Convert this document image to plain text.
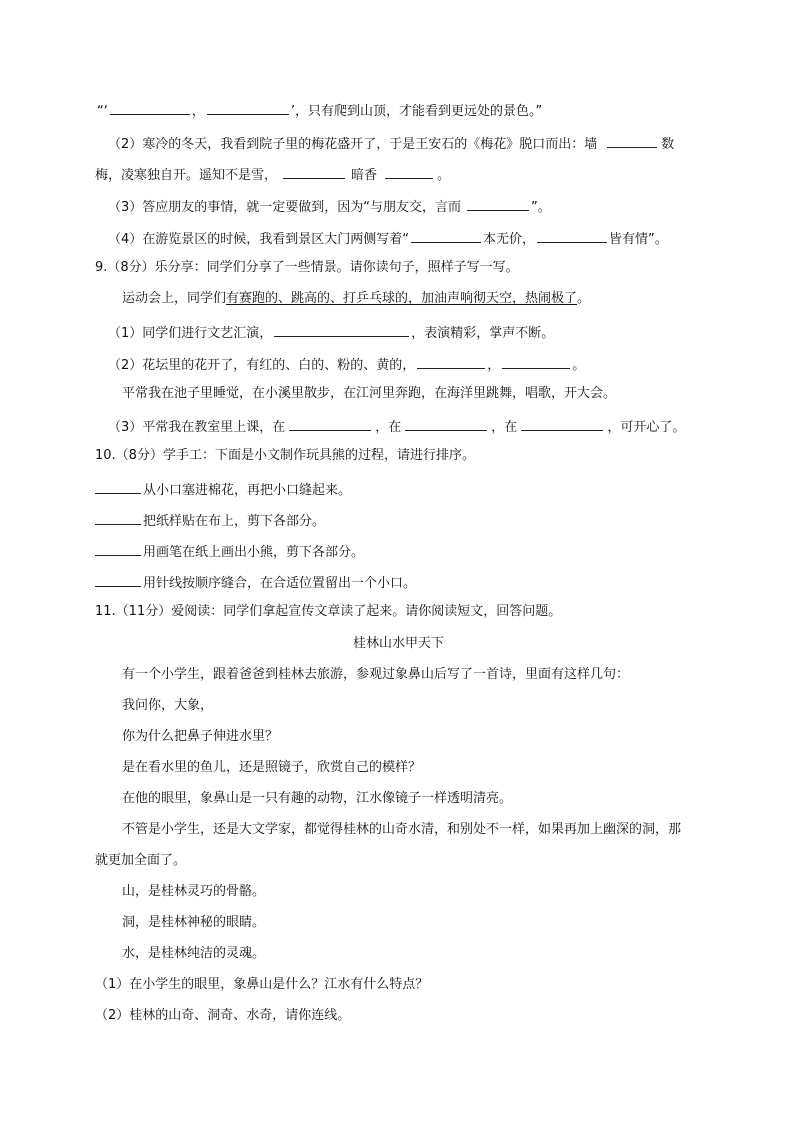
“‘	，	’，只有爬到山顶，才能看到更远处的景色。”
（2）寒冷的冬天，我看到院子里的梅花盛开了，于是王安石的《梅花》脱口而出：墙	数
梅，凌寒独自开。遥知不是雪，	暗香	。
（3）答应朋友的事情，就一定要做到，因为“与朋友交，言而	”。
（4）在游览景区的时候，我看到景区大门两侧写着“	本无价，	皆有情”。
9.（8分）乐分享：同学们分享了一些情景。请你读句子，照样子写一写。
运动会上，同学们有赛跑的、跳高的、打乒乓球的，加油声响彻天空，热闹极了。
（1）同学们进行文艺汇演，	，表演精彩，掌声不断。
（2）花坛里的花开了，有红的、白的、粉的、黄的，	，	。
平常我在池子里睡觉，在小溪里散步，在江河里奔跑，在海洋里跳舞，唱歌，开大会。
（3）平常我在教室里上课，在	，在	，在	，可开心了。
10.（8分）学手工：下面是小文制作玩具熊的过程，请进行排序。
从小口塞进棉花，再把小口缝起来。
把纸样贴在布上，剪下各部分。
用画笔在纸上画出小熊，剪下各部分。
用针线按顺序缝合，在合适位置留出一个小口。
11.（11分）爱阅读：同学们拿起宣传文章读了起来。请你阅读短文，回答问题。
桂林山水甲天下
有一个小学生，跟着爸爸到桂林去旅游，参观过象鼻山后写了一首诗，里面有这样几句：
我问你，大象，
你为什么把鼻子伸进水里？
是在看水里的鱼儿，还是照镜子，欣赏自己的模样？
在他的眼里，象鼻山是一只有趣的动物，江水像镜子一样透明清亮。
不管是小学生，还是大文学家，都觉得桂林的山奇水清，和别处不一样，如果再加上幽深的洞，那
就更加全面了。
山，是桂林灵巧的骨骼。
洞，是桂林神秘的眼睛。
水，是桂林纯洁的灵魂。
（1）在小学生的眼里，象鼻山是什么？江水有什么特点？
（2）桂林的山奇、洞奇、水奇，请你连线。
